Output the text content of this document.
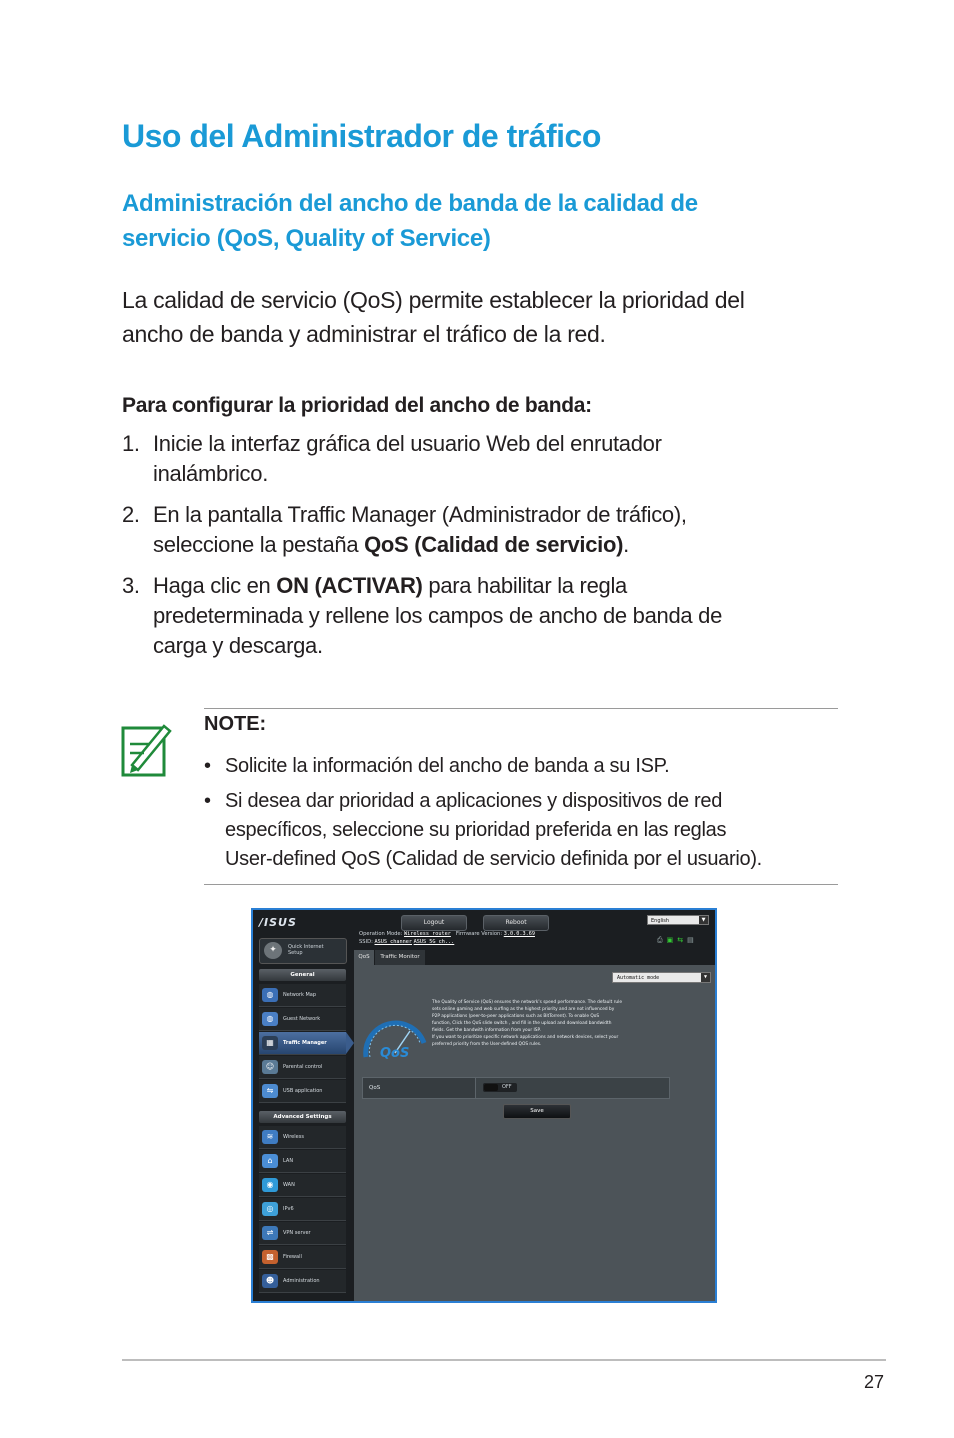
Uso del Administrador de tráfico
Administración del ancho de banda de la calidad de
servicio (QoS, Quality of Service)
La calidad de servicio (QoS) permite establecer la prioridad del
ancho de banda y administrar el tráfico de la red.
Para configurar la prioridad del ancho de banda:
1. Inicie la interfaz gráfica del usuario Web del enrutador
inalámbrico.
2. En la pantalla Traffic Manager (Administrador de tráfico),
seleccione la pestaña QoS (Calidad de servicio).
3. Haga clic en ON (ACTIVAR) para habilitar la regla
predeterminada y rellene los campos de ancho de banda de
carga y descarga.
NOTE:
• Solicite la información del ancho de banda a su ISP.
• Si desea dar prioridad a aplicaciones y dispositivos de red
específicos, seleccione su prioridad preferida en las reglas
User-defined QoS (Calidad de servicio definida por el usuario).
/ISUS	Logout	Reboot	English	▼
Operation Mode: Wireless router Firmware Version: 3.0.0.3.69
SSID: ASUS_channer ASUS_5G_ch...	⎙▣⇆▤
✦	Quick Internet
Setup
General
◍	Network Map
◍	Guest Network
▦	Traffic Manager
☺	Parental control
⇋	USB application
Advanced Settings
≋	Wireless
⌂	LAN
◉	WAN
◎	IPv6
⇌	VPN server
▩	Firewall
☻	Administration
QoS	Traffic Monitor
Automatic mode	▼
QoS
The Quality of Service (QoS) ensures the network's speed performance. The default rule
sets online gaming and web surfing as the highest priority and are not influenced by
P2P applications (peer-to-peer applications such as BitTorrent). To enable QoS
function, Click the QoS slide switch , and fill in the upload and download bandwidth
fields. Get the bandwith information from your ISP.
If you want to prioritize specific network applications and network devices, select your
preferred priority from the User-defined QOS rules.
QoS	OFF
Save
27
